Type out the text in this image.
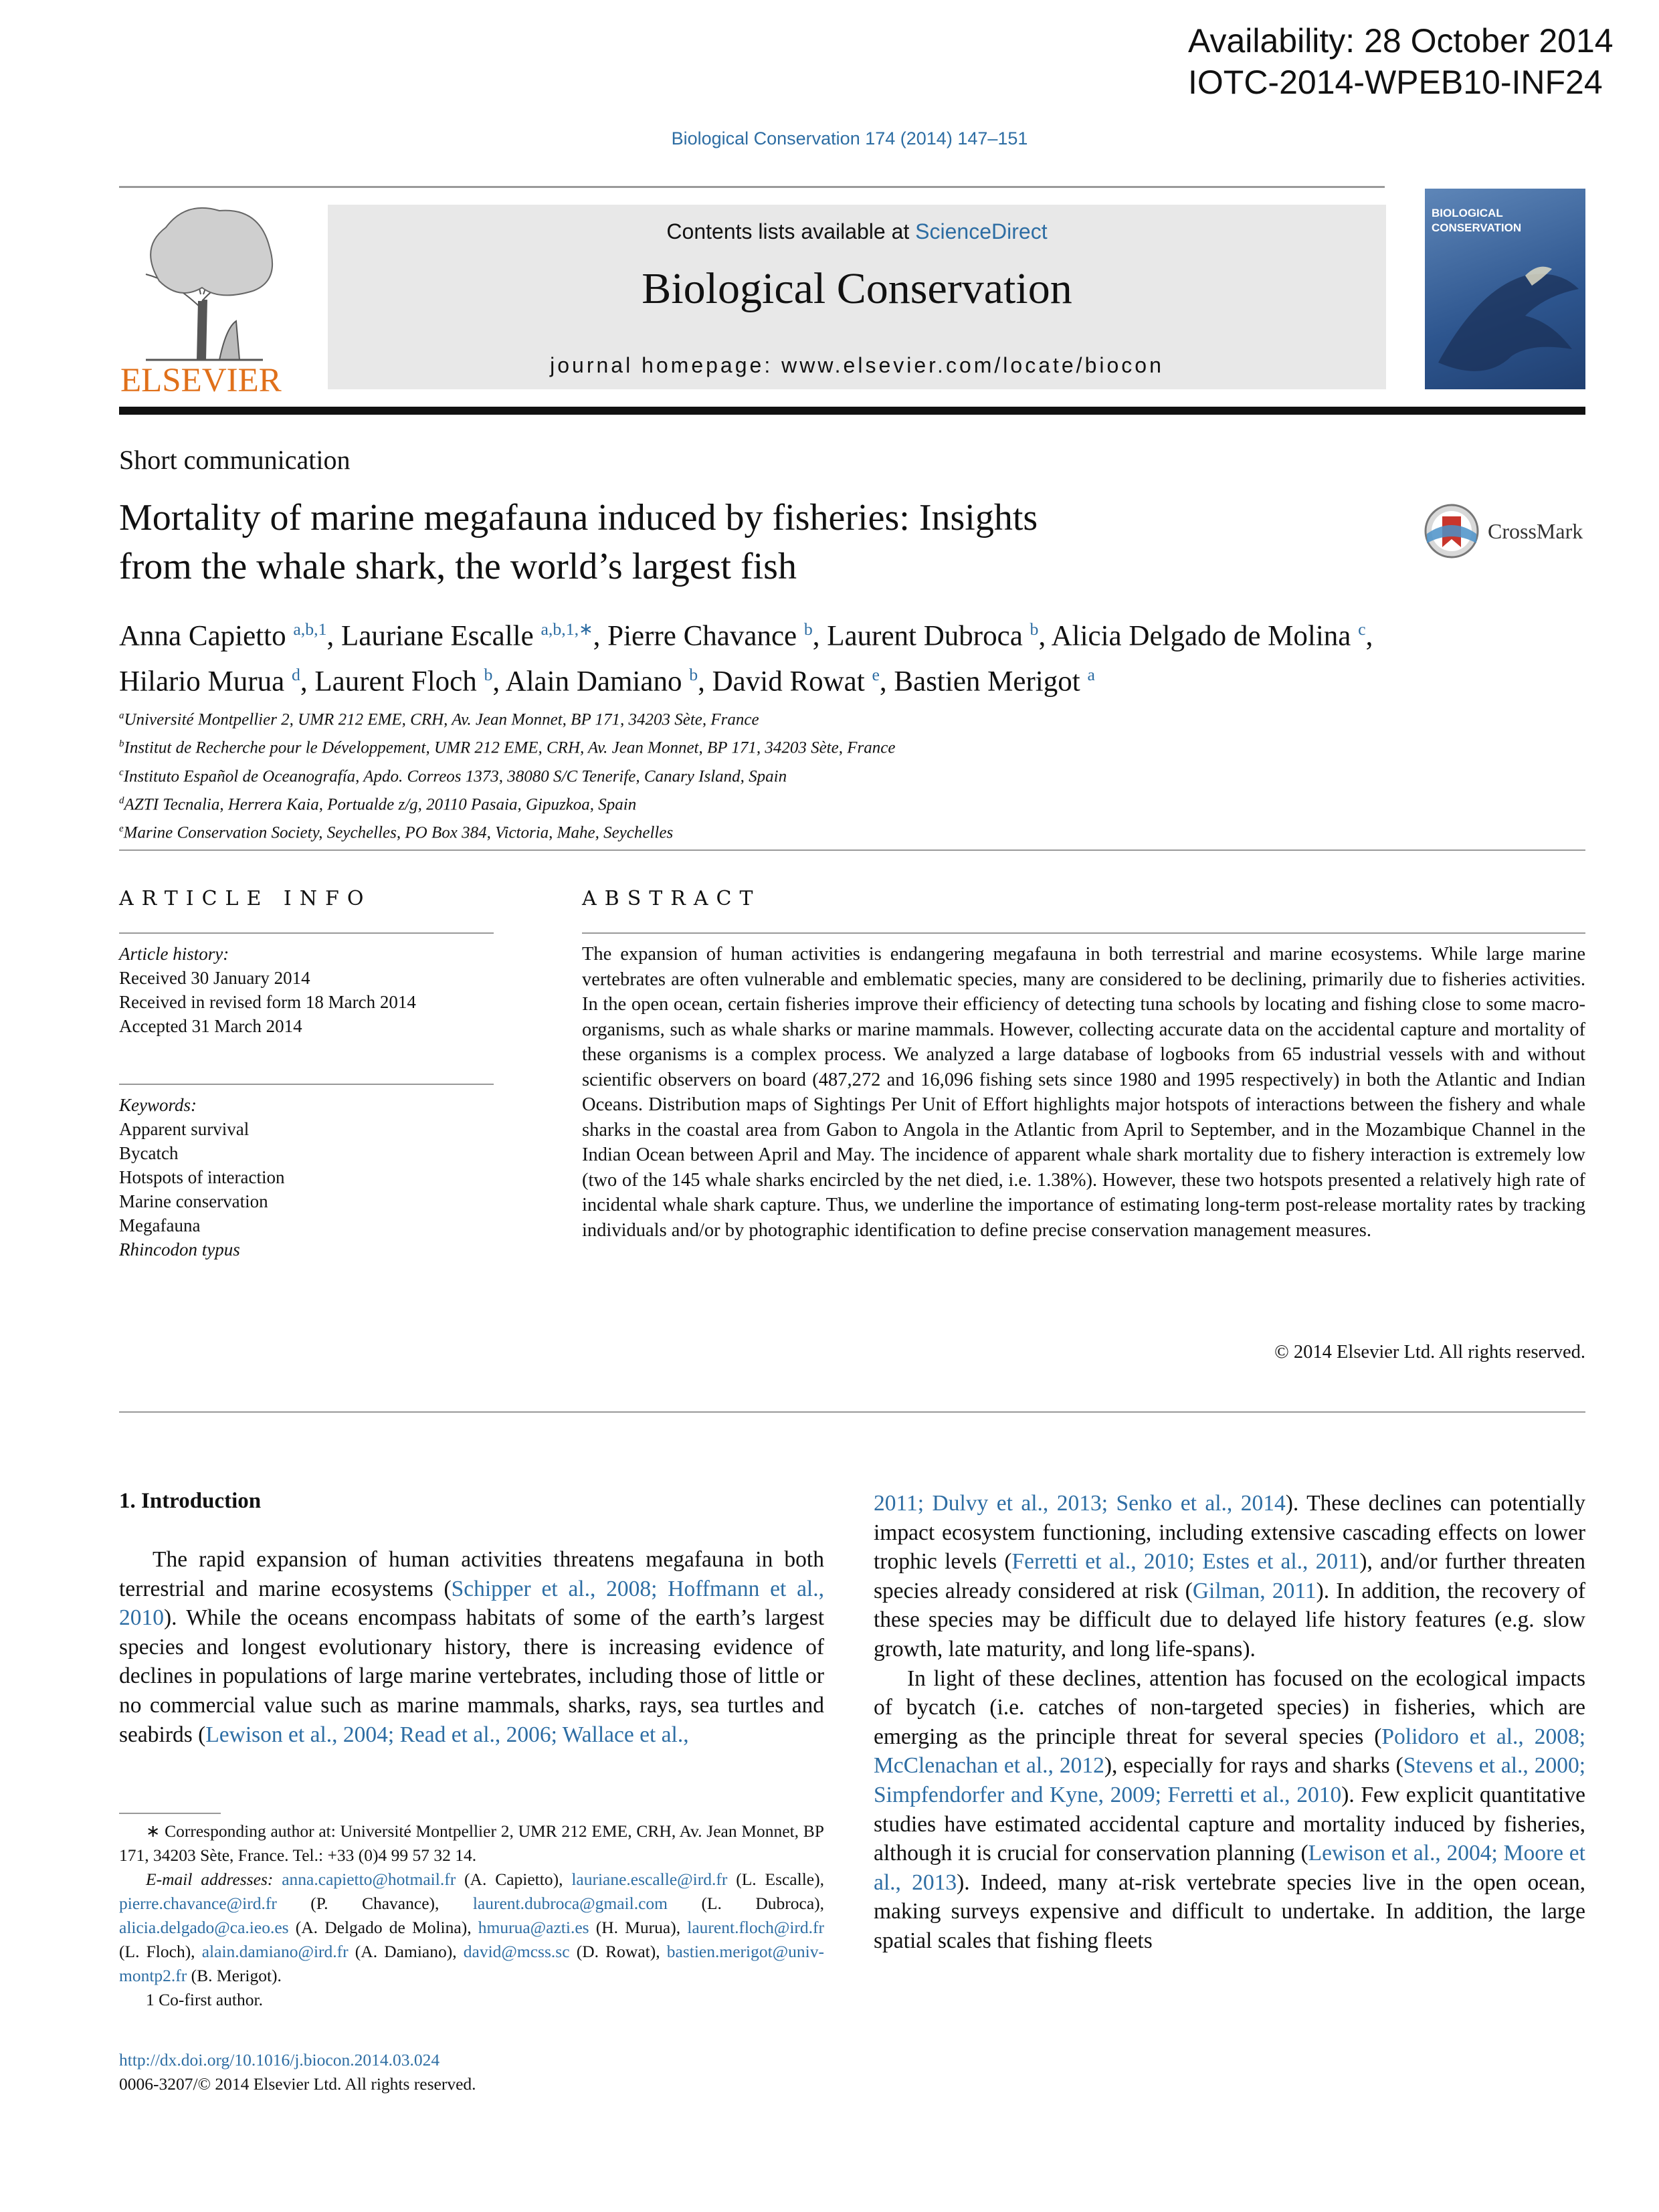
Availability: 28 October 2014
IOTC-2014-WPEB10-INF24
Biological Conservation 174 (2014) 147–151
ELSEVIER
Contents lists available at ScienceDirect
Biological Conservation
journal homepage: www.elsevier.com/locate/biocon
BIOLOGICAL
CONSERVATION
Short communication
Mortality of marine megafauna induced by fisheries: Insights
from the whale shark, the world’s largest fish
CrossMark
Anna Capietto $^{a,b,1}$, Lauriane Escalle $^{a,b,1,∗}$, Pierre Chavance $^b$, Laurent Dubroca $^b$, Alicia Delgado de Molina $^c$,
Hilario Murua $^d$, Laurent Floch $^b$, Alain Damiano $^b$, David Rowat $^e$, Bastien Merigot $^a$
$^a$Université Montpellier 2, UMR 212 EME, CRH, Av. Jean Monnet, BP 171, 34203 Sète, France
$^b$Institut de Recherche pour le Développement, UMR 212 EME, CRH, Av. Jean Monnet, BP 171, 34203 Sète, France
$^c$Instituto Español de Oceanografía, Apdo. Correos 1373, 38080 S/C Tenerife, Canary Island, Spain
$^d$AZTI Tecnalia, Herrera Kaia, Portualde z/g, 20110 Pasaia, Gipuzkoa, Spain
$^e$Marine Conservation Society, Seychelles, PO Box 384, Victoria, Mahe, Seychelles
ARTICLE INFO	ABSTRACT
Article history:
Received 30 January 2014
Received in revised form 18 March 2014
Accepted 31 March 2014
Keywords:
Apparent survival
Bycatch
Hotspots of interaction
Marine conservation
Megafauna
Rhincodon typus
The expansion of human activities is endangering megafauna in both terrestrial and marine ecosystems. While large marine vertebrates are often vulnerable and emblematic species, many are considered to be declining, primarily due to fisheries activities. In the open ocean, certain fisheries improve their efficiency of detecting tuna schools by locating and fishing close to some macro-organisms, such as whale sharks or marine mammals. However, collecting accurate data on the accidental capture and mortality of these organisms is a complex process. We analyzed a large database of logbooks from 65 industrial vessels with and without scientific observers on board (487,272 and 16,096 fishing sets since 1980 and 1995 respectively) in both the Atlantic and Indian Oceans. Distribution maps of Sightings Per Unit of Effort highlights major hotspots of interactions between the fishery and whale sharks in the coastal area from Gabon to Angola in the Atlantic from April to September, and in the Mozambique Channel in the Indian Ocean between April and May. The incidence of apparent whale shark mortality due to fishery interaction is extremely low (two of the 145 whale sharks encircled by the net died, i.e. 1.38%). However, these two hotspots presented a relatively high rate of incidental whale shark capture. Thus, we underline the importance of estimating long-term post-release mortality rates by tracking individuals and/or by photographic identification to define precise conservation management measures.
© 2014 Elsevier Ltd. All rights reserved.
1. Introduction
The rapid expansion of human activities threatens megafauna in both terrestrial and marine ecosystems (Schipper et al., 2008; Hoffmann et al., 2010). While the oceans encompass habitats of some of the earth’s largest species and longest evolutionary history, there is increasing evidence of declines in populations of large marine vertebrates, including those of little or no commercial value such as marine mammals, sharks, rays, sea turtles and seabirds (Lewison et al., 2004; Read et al., 2006; Wallace et al.,

2011; Dulvy et al., 2013; Senko et al., 2014). These declines can potentially impact ecosystem functioning, including extensive cascading effects on lower trophic levels (Ferretti et al., 2010; Estes et al., 2011), and/or further threaten species already considered at risk (Gilman, 2011). In addition, the recovery of these species may be difficult due to delayed life history features (e.g. slow growth, late maturity, and long life-spans).

In light of these declines, attention has focused on the ecological impacts of bycatch (i.e. catches of non-targeted species) in fisheries, which are emerging as the principle threat for several species (Polidoro et al., 2008; McClenachan et al., 2012), especially for rays and sharks (Stevens et al., 2000; Simpfendorfer and Kyne, 2009; Ferretti et al., 2010). Few explicit quantitative studies have estimated accidental capture and mortality induced by fisheries, although it is crucial for conservation planning (Lewison et al., 2004; Moore et al., 2013). Indeed, many at-risk vertebrate species live in the open ocean, making surveys expensive and difficult to undertake. In addition, the large spatial scales that fishing fleets

∗ Corresponding author at: Université Montpellier 2, UMR 212 EME, CRH, Av. Jean Monnet, BP 171, 34203 Sète, France. Tel.: +33 (0)4 99 57 32 14.

E-mail addresses: anna.capietto@hotmail.fr (A. Capietto), lauriane.escalle@ird.fr (L. Escalle), pierre.chavance@ird.fr (P. Chavance), laurent.dubroca@gmail.com (L. Dubroca), alicia.delgado@ca.ieo.es (A. Delgado de Molina), hmurua@azti.es (H. Murua), laurent.floch@ird.fr (L. Floch), alain.damiano@ird.fr (A. Damiano), david@mcss.sc (D. Rowat), bastien.merigot@univ-montp2.fr (B. Merigot).

1 Co-first author.

http://dx.doi.org/10.1016/j.biocon.2014.03.024
0006-3207/© 2014 Elsevier Ltd. All rights reserved.
